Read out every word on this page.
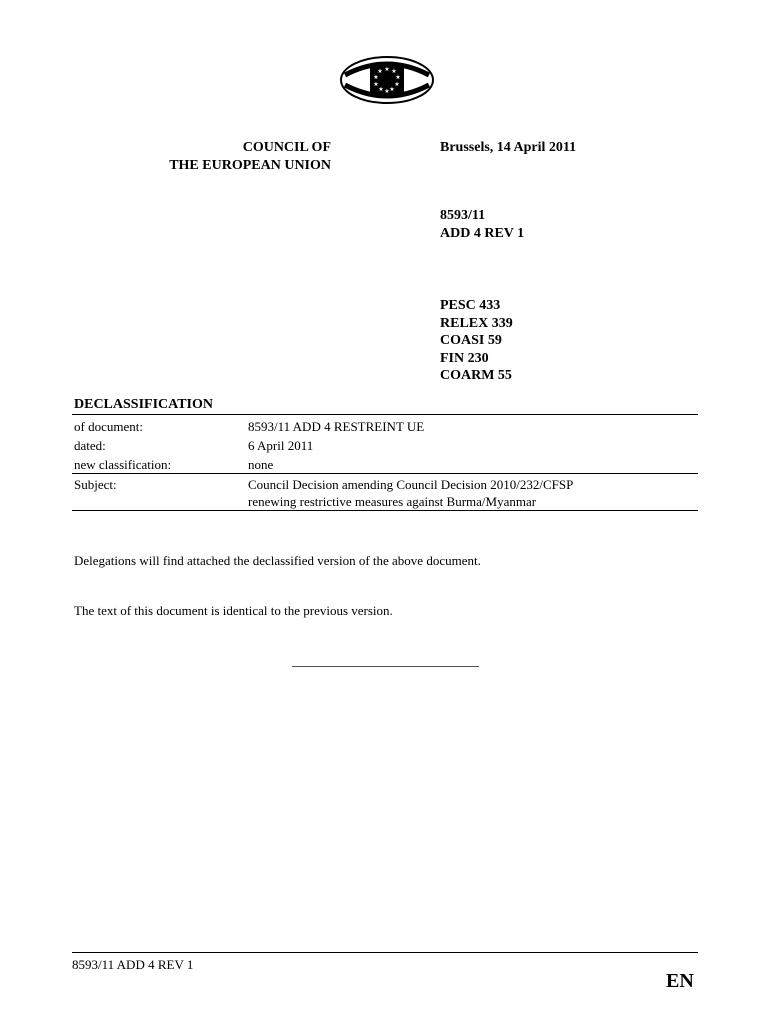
★ ★
★
★
★
★
★
★
★
★
COUNCIL OF
THE EUROPEAN UNION
Brussels, 14 April 2011
8593/11
ADD 4 REV 1
PESC 433
RELEX 339
COASI 59
FIN 230
COARM 55
DECLASSIFICATION
of document:	8593/11 ADD 4 RESTREINT UE
dated:	6 April 2011
new classification:	none
Subject:	Council Decision amending Council Decision 2010/232/CFSP
renewing restrictive measures against Burma/Myanmar
Delegations will find attached the declassified version of the above document.
The text of this document is identical to the previous version.
8593/11 ADD 4 REV 1
EN
